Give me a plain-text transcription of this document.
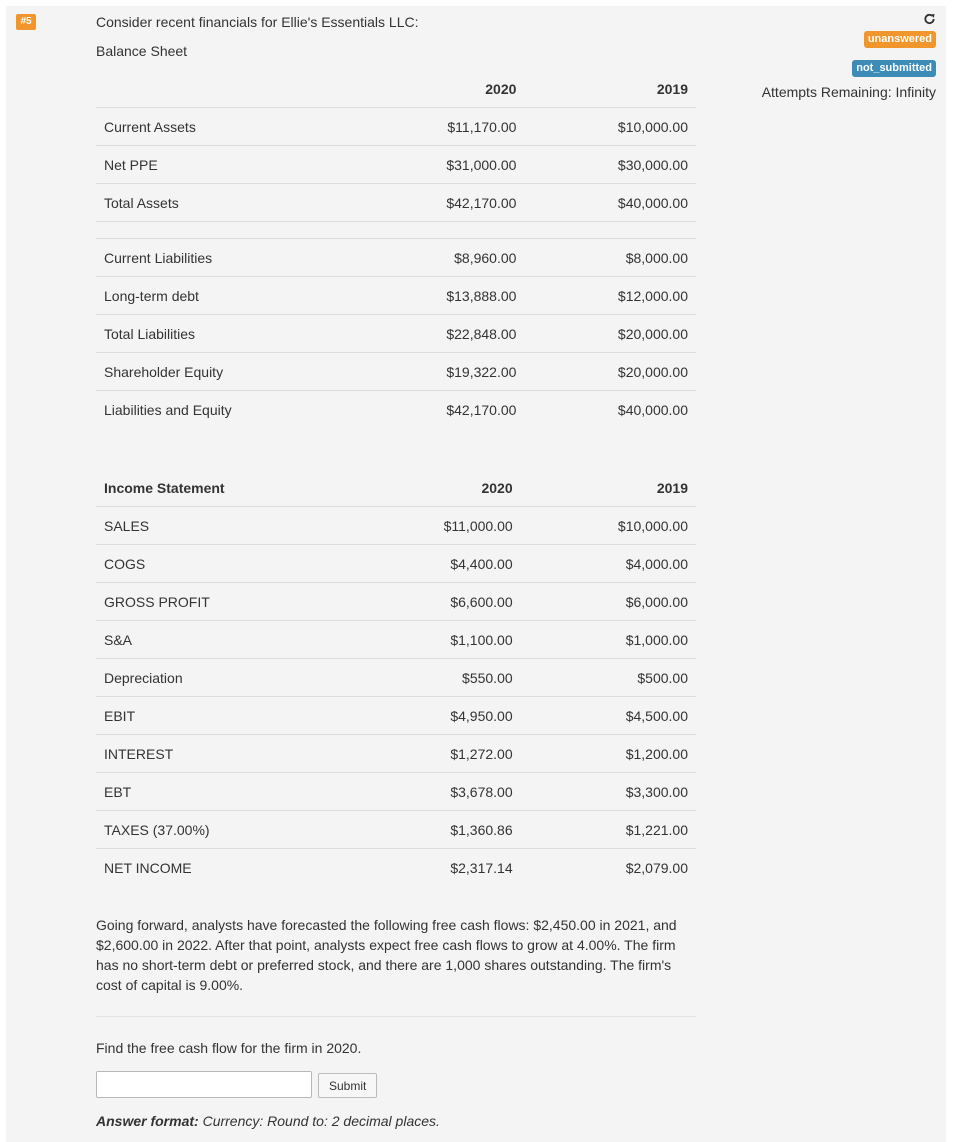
#5
unanswered
not_submitted
Attempts Remaining: Infinity
Consider recent financials for Ellie's Essentials LLC:
Balance Sheet
	2020	2019
Current Assets	$11,170.00	$10,000.00
Net PPE	$31,000.00	$30,000.00
Total Assets	$42,170.00	$40,000.00

Current Liabilities	$8,960.00	$8,000.00
Long-term debt	$13,888.00	$12,000.00
Total Liabilities	$22,848.00	$20,000.00
Shareholder Equity	$19,322.00	$20,000.00
Liabilities and Equity	$42,170.00	$40,000.00
Income Statement	2020	2019
SALES	$11,000.00	$10,000.00
COGS	$4,400.00	$4,000.00
GROSS PROFIT	$6,600.00	$6,000.00
S&A	$1,100.00	$1,000.00
Depreciation	$550.00	$500.00
EBIT	$4,950.00	$4,500.00
INTEREST	$1,272.00	$1,200.00
EBT	$3,678.00	$3,300.00
TAXES (37.00%)	$1,360.86	$1,221.00
NET INCOME	$2,317.14	$2,079.00
Going forward, analysts have forecasted the following free cash flows: $2,450.00 in 2021, and $2,600.00 in 2022. After that point, analysts expect free cash flows to grow at 4.00%. The firm has no short-term debt or preferred stock, and there are 1,000 shares outstanding. The firm's cost of capital is 9.00%.
Find the free cash flow for the firm in 2020.
Submit
Answer format: Currency: Round to: 2 decimal places.
